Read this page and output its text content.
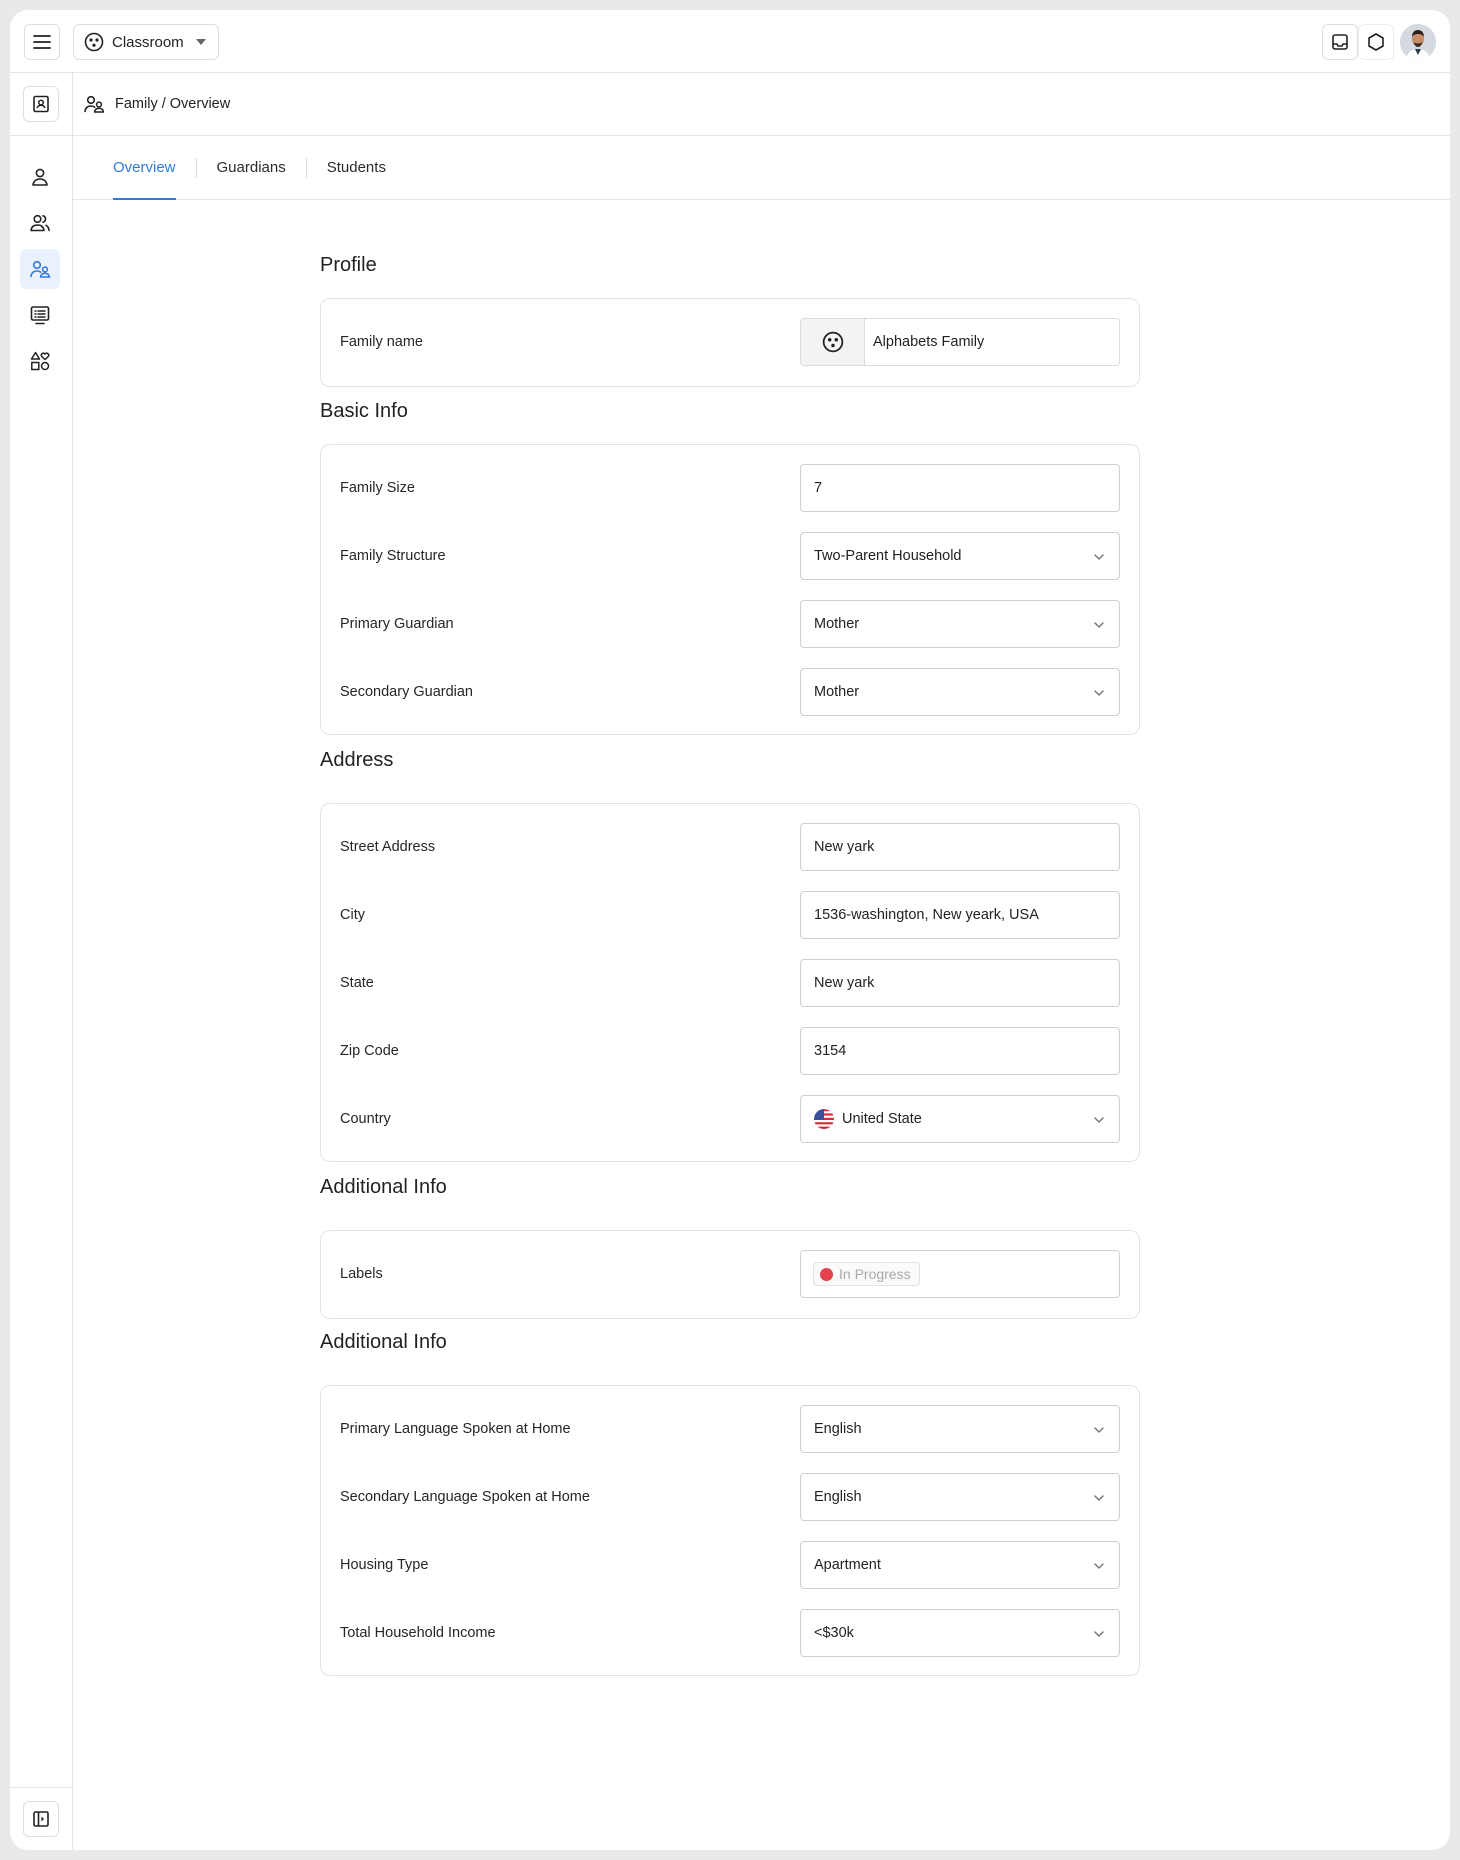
Classroom
Family / Overview
Overview	Guardians	Students
Profile
Family name	Alphabets Family
Basic Info
Family Size	7
Family Structure	Two-Parent Household
Primary Guardian	Mother
Secondary Guardian	Mother
Address
Street Address	New yark
City	1536-washington, New yeark, USA
State	New yark
Zip Code	3154
Country	United State
Additional Info
Labels	In Progress
Additional Info
Primary Language Spoken at Home	English
Secondary Language Spoken at Home	English
Housing Type	Apartment
Total Household Income	<$30k
